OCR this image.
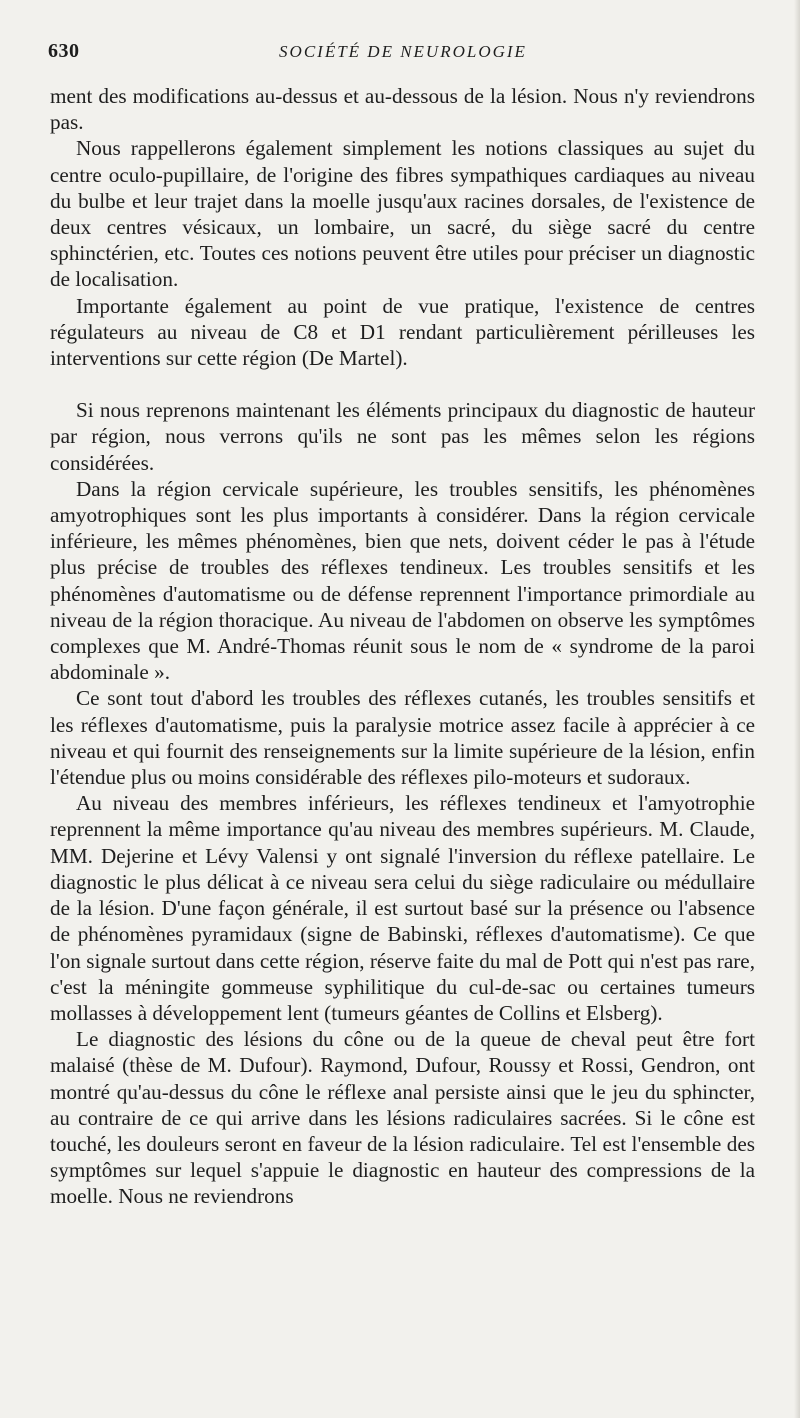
630	SOCIÉTÉ DE NEUROLOGIE

ment des modifications au-dessus et au-dessous de la lésion. Nous n'y reviendrons pas.

Nous rappellerons également simplement les notions classiques au sujet du centre oculo-pupillaire, de l'origine des fibres sympathiques cardiaques au niveau du bulbe et leur trajet dans la moelle jusqu'aux racines dorsales, de l'existence de deux centres vésicaux, un lombaire, un sacré, du siège sacré du centre sphinctérien, etc. Toutes ces notions peuvent être utiles pour préciser un diagnostic de localisation.

Importante également au point de vue pratique, l'existence de centres régulateurs au niveau de C8 et D1 rendant particulièrement périlleuses les interventions sur cette région (De Martel).

Si nous reprenons maintenant les éléments principaux du diagnostic de hauteur par région, nous verrons qu'ils ne sont pas les mêmes selon les régions considérées.

Dans la région cervicale supérieure, les troubles sensitifs, les phénomènes amyotrophiques sont les plus importants à considérer. Dans la région cervicale inférieure, les mêmes phénomènes, bien que nets, doivent céder le pas à l'étude plus précise de troubles des réflexes tendineux. Les troubles sensitifs et les phénomènes d'automatisme ou de défense reprennent l'importance primordiale au niveau de la région thoracique. Au niveau de l'abdomen on observe les symptômes complexes que M. André-Thomas réunit sous le nom de « syndrome de la paroi abdominale ».

Ce sont tout d'abord les troubles des réflexes cutanés, les troubles sensitifs et les réflexes d'automatisme, puis la paralysie motrice assez facile à apprécier à ce niveau et qui fournit des renseignements sur la limite supérieure de la lésion, enfin l'étendue plus ou moins considérable des réflexes pilo-moteurs et sudoraux.

Au niveau des membres inférieurs, les réflexes tendineux et l'amyotrophie reprennent la même importance qu'au niveau des membres supérieurs. M. Claude, MM. Dejerine et Lévy Valensi y ont signalé l'inversion du réflexe patellaire. Le diagnostic le plus délicat à ce niveau sera celui du siège radiculaire ou médullaire de la lésion. D'une façon générale, il est surtout basé sur la présence ou l'absence de phénomènes pyramidaux (signe de Babinski, réflexes d'automatisme). Ce que l'on signale surtout dans cette région, réserve faite du mal de Pott qui n'est pas rare, c'est la méningite gommeuse syphilitique du cul-de-sac ou certaines tumeurs mollasses à développement lent (tumeurs géantes de Collins et Elsberg).

Le diagnostic des lésions du cône ou de la queue de cheval peut être fort malaisé (thèse de M. Dufour). Raymond, Dufour, Roussy et Rossi, Gendron, ont montré qu'au-dessus du cône le réflexe anal persiste ainsi que le jeu du sphincter, au contraire de ce qui arrive dans les lésions radiculaires sacrées. Si le cône est touché, les douleurs seront en faveur de la lésion radiculaire. Tel est l'ensemble des symptômes sur lequel s'appuie le diagnostic en hauteur des compressions de la moelle. Nous ne reviendrons
